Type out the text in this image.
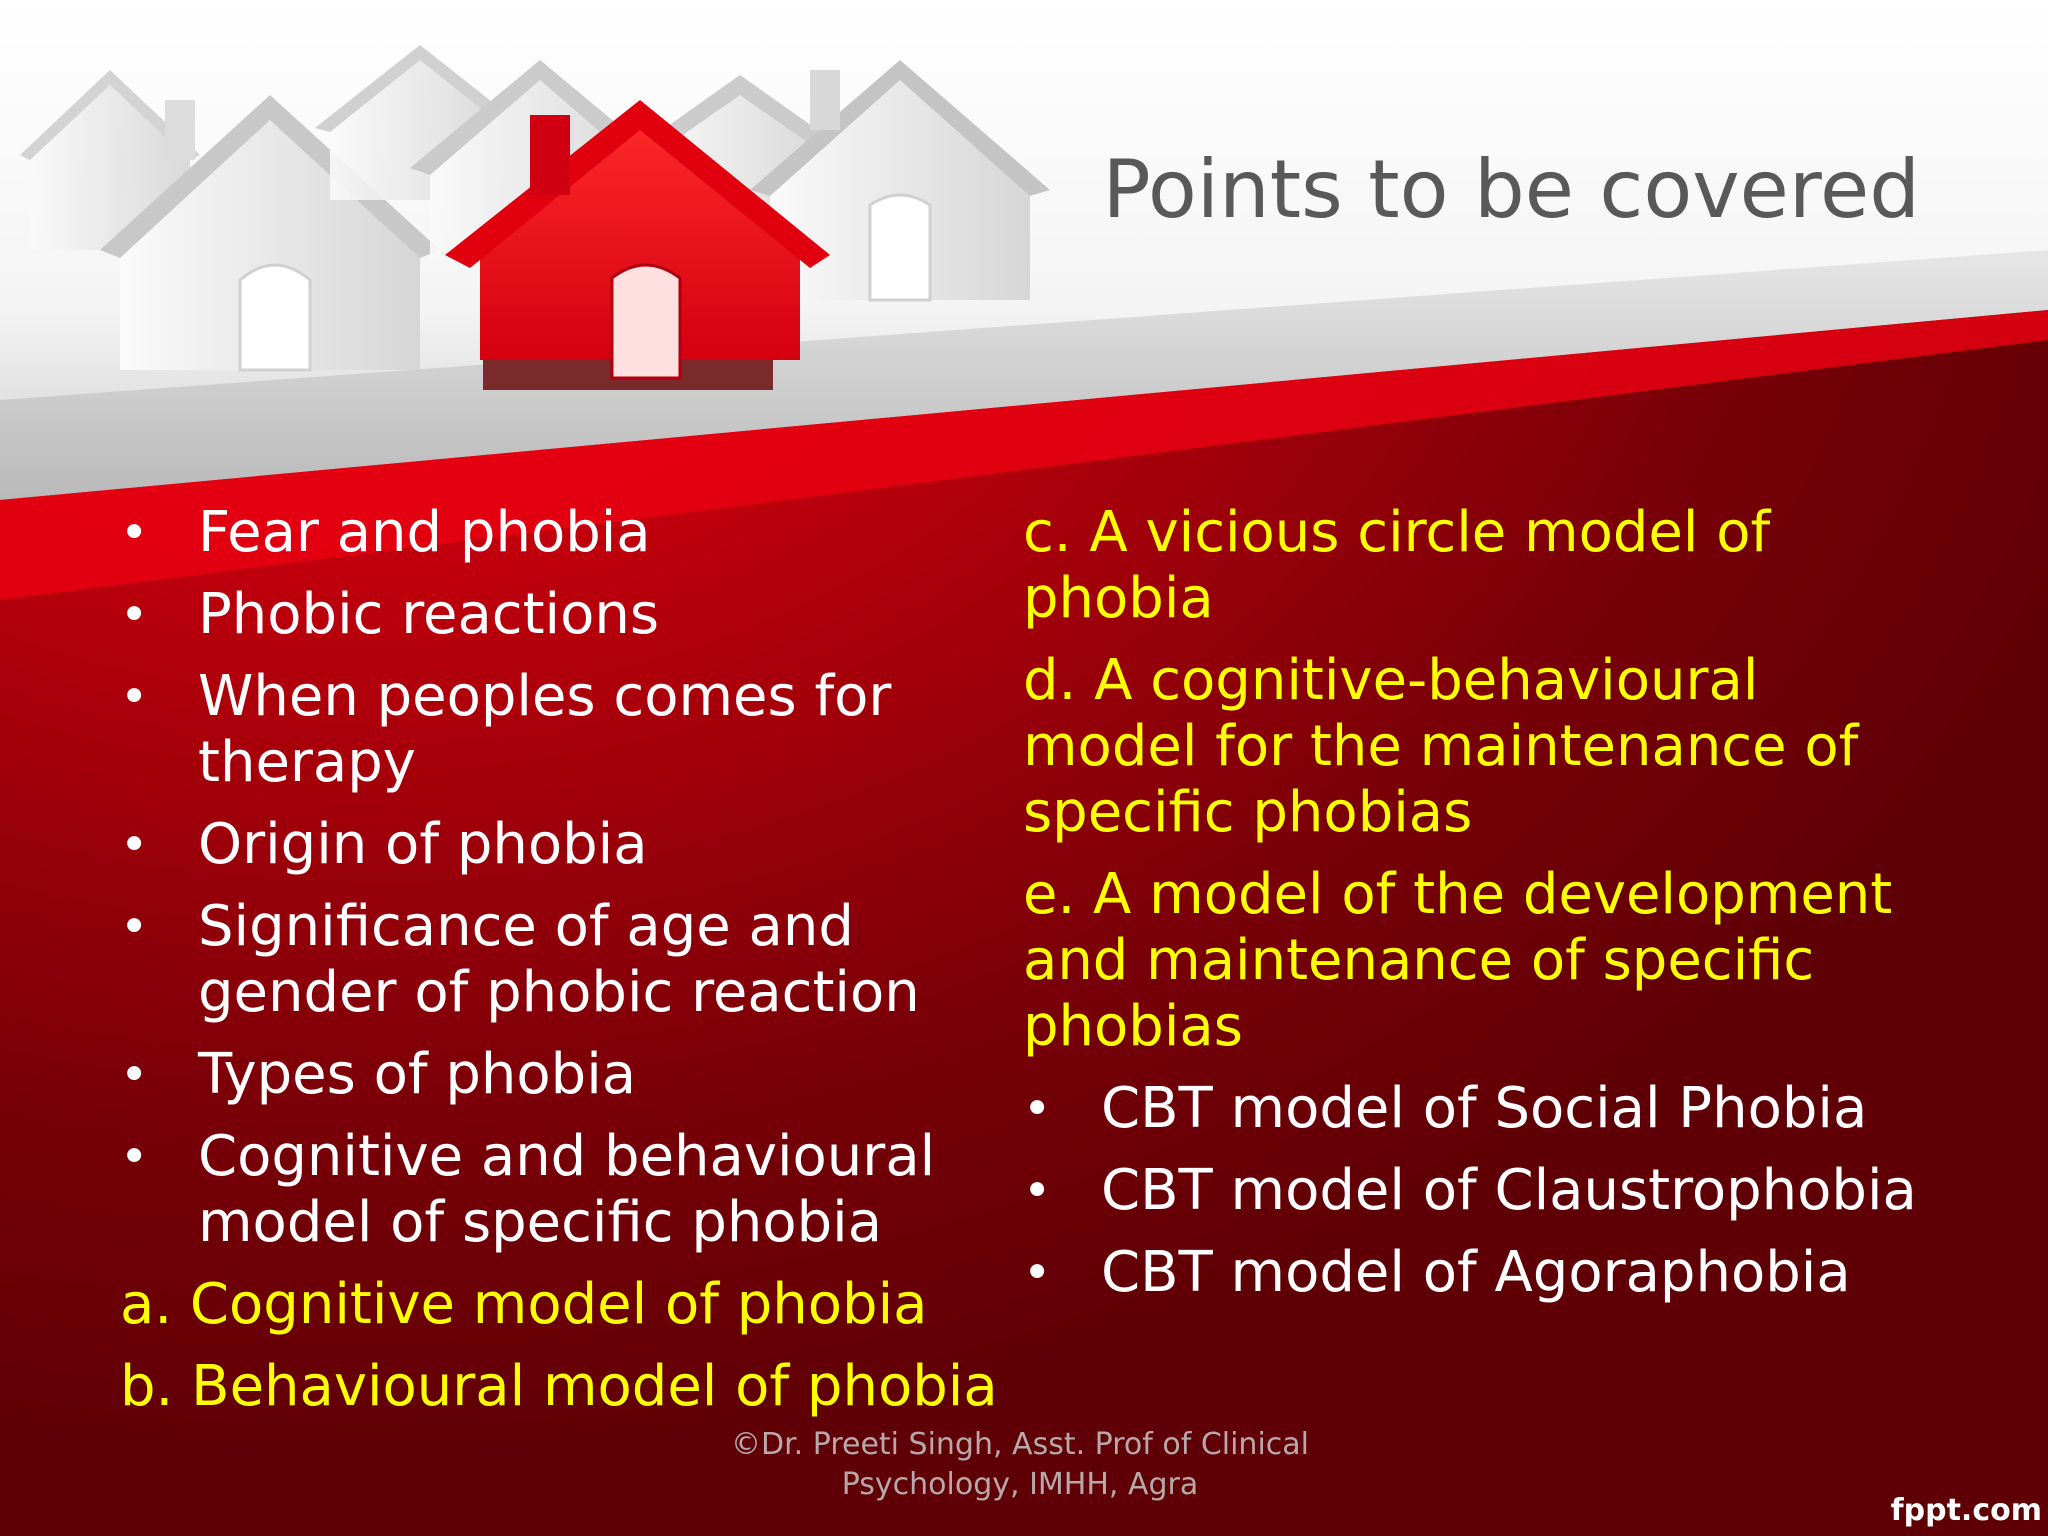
Points to be covered
• Fear and phobia
• Phobic reactions
• When peoples comes for therapy
• Origin of phobia
• Significance of age and gender of phobic reaction
• Types of phobia
• Cognitive and behavioural model of specific phobia
a. Cognitive model of phobia
b. Behavioural model of phobia
c. A vicious circle model of phobia
d. A cognitive-behavioural model for the maintenance of specific phobias
e. A model of the development and maintenance of specific phobias
• CBT model of Social Phobia
• CBT model of Claustrophobia
• CBT model of Agoraphobia
©Dr. Preeti Singh, Asst. Prof of Clinical
Psychology, IMHH, Agra
fppt.com
